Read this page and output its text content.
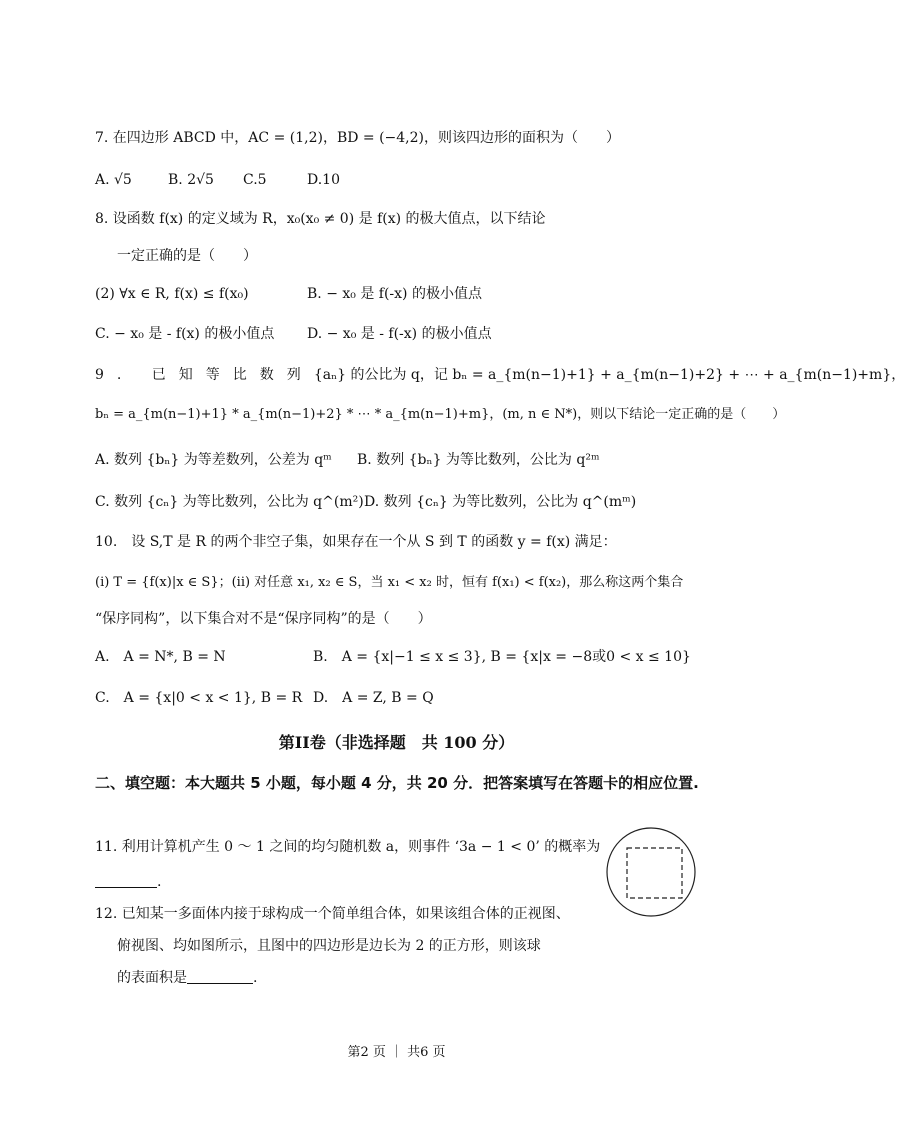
7. 在四边形 ABCD 中，AC = (1,2)，BD = (−4,2)，则该四边形的面积为（　　）
A. √5	B. 2√5 C.5	D.10
8. 设函数 f(x) 的定义域为 R，x₀(x₀ ≠ 0) 是 f(x) 的极大值点，以下结论
一定正确的是（　　）
(2) ∀x ∈ R, f(x) ≤ f(x₀)	B. − x₀ 是 f(-x) 的极小值点
C. − x₀ 是 - f(x) 的极小值点 D. − x₀ 是 - f(-x) 的极小值点
9. 已知等比数列 {aₙ} 的公比为 q， 记 bₙ = a_{m(n−1)+1} + a_{m(n−1)+2} + ⋯ + a_{m(n−1)+m}，
bₙ = a_{m(n−1)+1} * a_{m(n−1)+2} * ⋯ * a_{m(n−1)+m}，(m, n ∈ N*)，则以下结论一定正确的是（　　）
A. 数列 {bₙ} 为等差数列，公差为 qᵐ B. 数列 {bₙ} 为等比数列，公比为 q²ᵐ
C. 数列 {cₙ} 为等比数列，公比为 q^(m²) D. 数列 {cₙ} 为等比数列，公比为 q^(mᵐ)
10.　设 S,T 是 R 的两个非空子集，如果存在一个从 S 到 T 的函数 y = f(x) 满足：
(i) T = {f(x)|x ∈ S}；(ii) 对任意 x₁, x₂ ∈ S，当 x₁ < x₂ 时，恒有 f(x₁) < f(x₂)，那么称这两个集合
“保序同构”，以下集合对不是“保序同构”的是（　　）
A.　A = N*, B = N	B.　A = {x|−1 ≤ x ≤ 3}, B = {x|x = −8或0 < x ≤ 10}
C.　A = {x|0 < x < 1}, B = R D.　A = Z, B = Q
第II卷（非选择题　共 100 分）
二、填空题：本大题共 5 小题，每小题 4 分，共 20 分．把答案填写在答题卡的相应位置.
11. 利用计算机产生 0 ～ 1 之间的均匀随机数 a，则事件 ‘3a − 1 < 0’ 的概率为
.
12. 已知某一多面体内接于球构成一个简单组合体，如果该组合体的正视图、
俯视图、均如图所示，且图中的四边形是边长为 2 的正方形，则该球
的表面积是	.
第2 页 ｜ 共6 页
